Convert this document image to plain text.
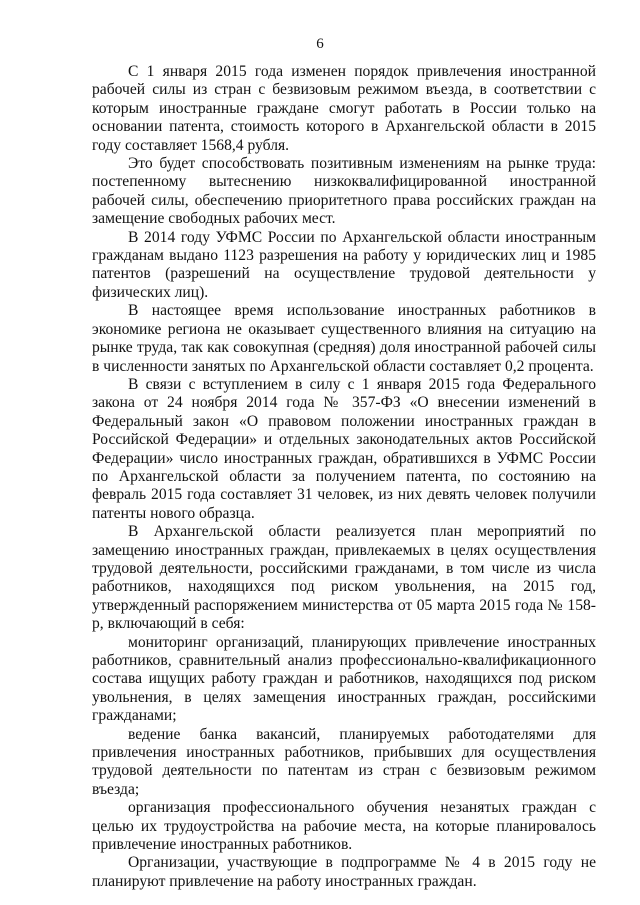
6

С 1 января 2015 года изменен порядок привлечения иностранной рабочей силы из стран с безвизовым режимом въезда, в соответствии с которым иностранные граждане смогут работать в России только на основании патента, стоимость которого в Архангельской области в 2015 году составляет 1568,4 рубля.

Это будет способствовать позитивным изменениям на рынке труда: постепенному вытеснению низкоквалифицированной иностранной рабочей силы, обеспечению приоритетного права российских граждан на замещение свободных рабочих мест.

В 2014 году УФМС России по Архангельской области иностранным гражданам выдано 1123 разрешения на работу у юридических лиц и 1985 патентов (разрешений на осуществление трудовой деятельности у физических лиц).

В настоящее время использование иностранных работников в экономике региона не оказывает существенного влияния на ситуацию на рынке труда, так как совокупная (средняя) доля иностранной рабочей силы в численности занятых по Архангельской области составляет 0,2 процента.

В связи с вступлением в силу с 1 января 2015 года Федерального закона от 24 ноября 2014 года № 357-ФЗ «О внесении изменений в Федеральный закон «О правовом положении иностранных граждан в Российской Федерации» и отдельных законодательных актов Российской Федерации» число иностранных граждан, обратившихся в УФМС России по Архангельской области за получением патента, по состоянию на февраль 2015 года составляет 31 человек, из них девять человек получили патенты нового образца.

В Архангельской области реализуется план мероприятий по замещению иностранных граждан, привлекаемых в целях осуществления трудовой деятельности, российскими гражданами, в том числе из числа работников, находящихся под риском увольнения, на 2015 год, утвержденный распоряжением министерства от 05 марта 2015 года № 158-р, включающий в себя:

мониторинг организаций, планирующих привлечение иностранных работников, сравнительный анализ профессионально-квалификационного состава ищущих работу граждан и работников, находящихся под риском увольнения, в целях замещения иностранных граждан, российскими гражданами;

ведение банка вакансий, планируемых работодателями для привлечения иностранных работников, прибывших для осуществления трудовой деятельности по патентам из стран с безвизовым режимом въезда;

организация профессионального обучения незанятых граждан с целью их трудоустройства на рабочие места, на которые планировалось привлечение иностранных работников.

Организации, участвующие в подпрограмме № 4 в 2015 году не планируют привлечение на работу иностранных граждан.
